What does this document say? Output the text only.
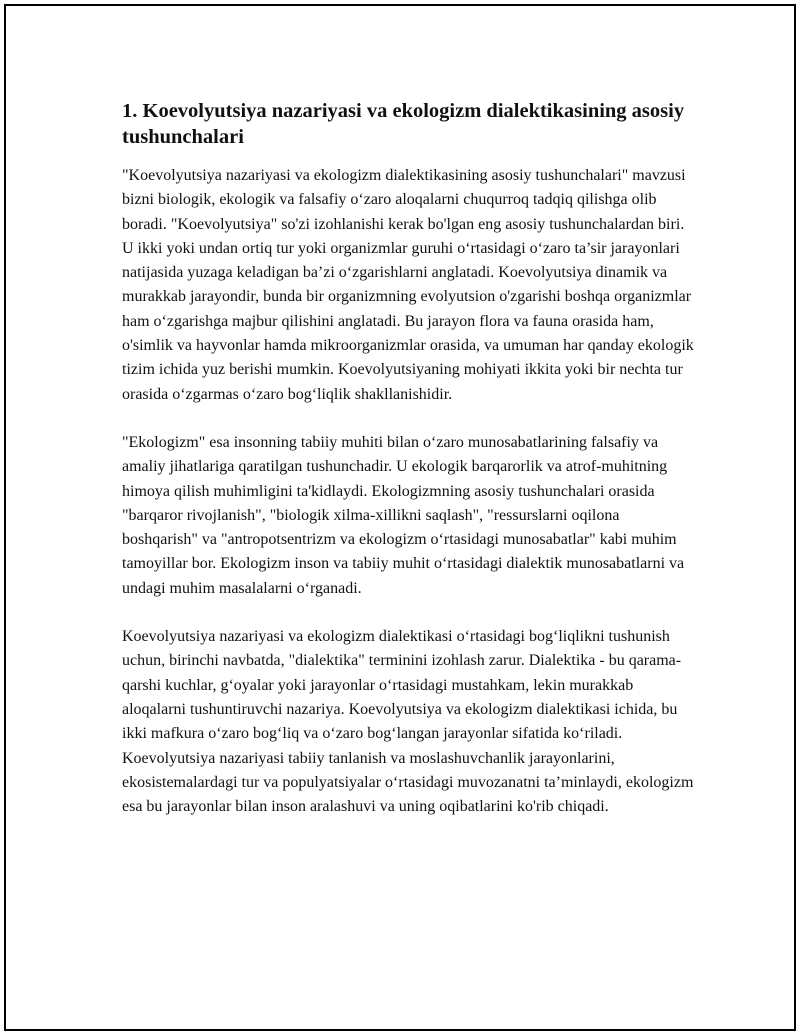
1. Koevolyutsiya nazariyasi va ekologizm dialektikasining asosiy tushunchalari

"Koevolyutsiya nazariyasi va ekologizm dialektikasining asosiy tushunchalari" mavzusi bizni biologik, ekologik va falsafiy o‘zaro aloqalarni chuqurroq tadqiq qilishga olib boradi. "Koevolyutsiya" so'zi izohlanishi kerak bo'lgan eng asosiy tushunchalardan biri. U ikki yoki undan ortiq tur yoki organizmlar guruhi o‘rtasidagi o‘zaro ta’sir jarayonlari natijasida yuzaga keladigan ba’zi o‘zgarishlarni anglatadi. Koevolyutsiya dinamik va murakkab jarayondir, bunda bir organizmning evolyutsion o'zgarishi boshqa organizmlar ham o‘zgarishga majbur qilishini anglatadi. Bu jarayon flora va fauna orasida ham, o'simlik va hayvonlar hamda mikroorganizmlar orasida, va umuman har qanday ekologik tizim ichida yuz berishi mumkin. Koevolyutsiyaning mohiyati ikkita yoki bir nechta tur orasida o‘zgarmas o‘zaro bog‘liqlik shakllanishidir.

"Ekologizm" esa insonning tabiiy muhiti bilan o‘zaro munosabatlarining falsafiy va amaliy jihatlariga qaratilgan tushunchadir. U ekologik barqarorlik va atrof-muhitning himoya qilish muhimligini ta'kidlaydi. Ekologizmning asosiy tushunchalari orasida "barqaror rivojlanish", "biologik xilma-xillikni saqlash", "ressurslarni oqilona boshqarish" va "antropotsentrizm va ekologizm o‘rtasidagi munosabatlar" kabi muhim tamoyillar bor. Ekologizm inson va tabiiy muhit o‘rtasidagi dialektik munosabatlarni va undagi muhim masalalarni o‘rganadi.

Koevolyutsiya nazariyasi va ekologizm dialektikasi o‘rtasidagi bog‘liqlikni tushunish uchun, birinchi navbatda, "dialektika" terminini izohlash zarur. Dialektika - bu qarama-qarshi kuchlar, g‘oyalar yoki jarayonlar o‘rtasidagi mustahkam, lekin murakkab aloqalarni tushuntiruvchi nazariya. Koevolyutsiya va ekologizm dialektikasi ichida, bu ikki mafkura o‘zaro bog‘liq va o‘zaro bog‘langan jarayonlar sifatida ko‘riladi. Koevolyutsiya nazariyasi tabiiy tanlanish va moslashuvchanlik jarayonlarini, ekosistemalardagi tur va populyatsiyalar o‘rtasidagi muvozanatni ta’minlaydi, ekologizm esa bu jarayonlar bilan inson aralashuvi va uning oqibatlarini ko'rib chiqadi.
